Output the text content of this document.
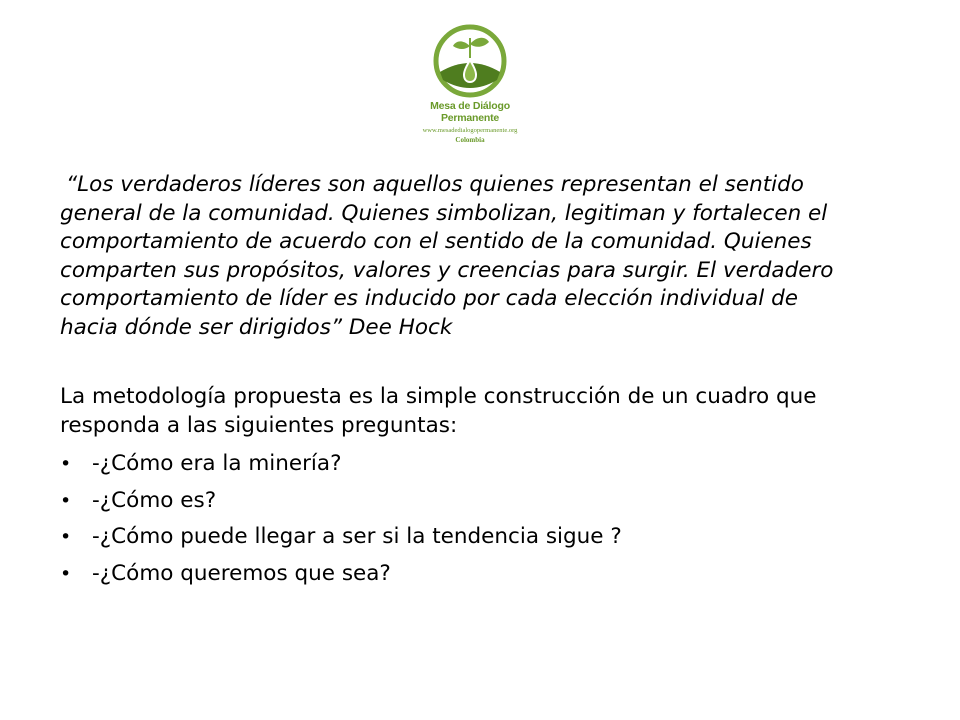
Mesa de Diálogo Permanente
www.mesadedialogopermanente.org
Colombia
“Los verdaderos líderes son aquellos quienes representan el sentido
general de la comunidad. Quienes simbolizan, legitiman y fortalecen el
comportamiento de acuerdo con el sentido de la comunidad. Quienes
comparten sus propósitos, valores y creencias para surgir. El verdadero
comportamiento de líder es inducido por cada elección individual de
hacia dónde ser dirigidos” Dee Hock
La metodología propuesta es la simple construcción de un cuadro que
responda a las siguientes preguntas:
• -¿Cómo era la minería?
• -¿Cómo es?
• -¿Cómo puede llegar a ser si la tendencia sigue ?
• -¿Cómo queremos que sea?
